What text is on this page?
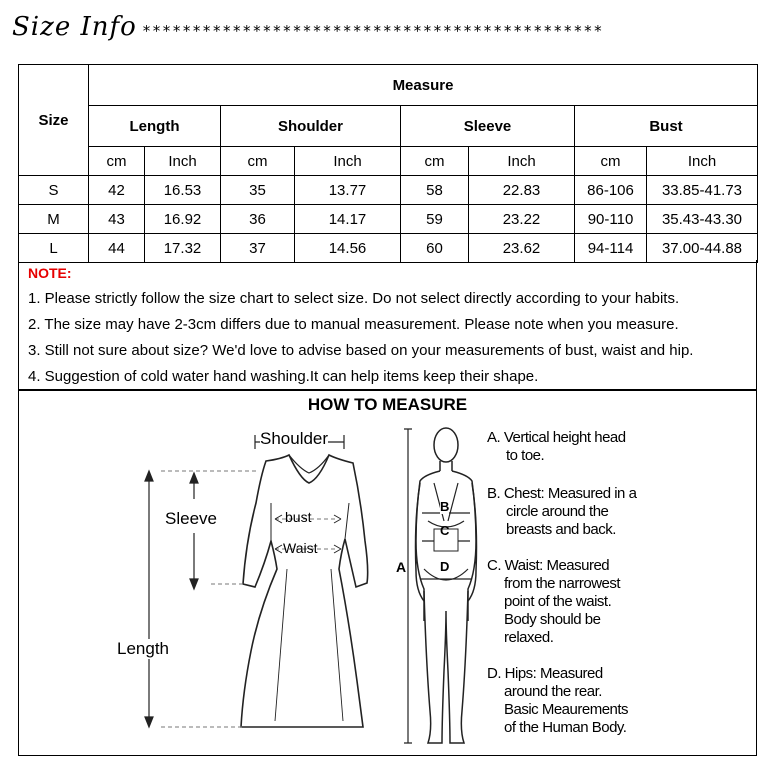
Size Info **********************************************
Size	Measure							
	Length		Shoulder		Sleeve		Bust	
	cm	Inch	cm	Inch	cm	Inch	cm	Inch
S	42	16.53	35	13.77	58	22.83	86-106	33.85-41.73
M	43	16.92	36	14.17	59	23.22	90-110	35.43-43.30
L	44	17.32	37	14.56	60	23.62	94-114	37.00-44.88
NOTE:
1. Please strictly follow the size chart to select size. Do not select directly according to your habits.
2. The size may have 2-3cm differs due to manual measurement. Please note when you measure.
3. Still not sure about size? We'd love to advise based on your measurements of bust, waist and hip.
4. Suggestion of cold water hand washing.It can help items keep their shape.
HOW TO MEASURE
Shoulder
Sleeve
Length
bust
Waist
A
B
C
D
A. Vertical height head
to toe.
B. Chest: Measured in a
circle around the
breasts and back.
C. Waist: Measured
from the narrowest
point of the waist.
Body should be
relaxed.
D. Hips: Measured
around the rear.
Basic Meaurements
of the Human Body.
